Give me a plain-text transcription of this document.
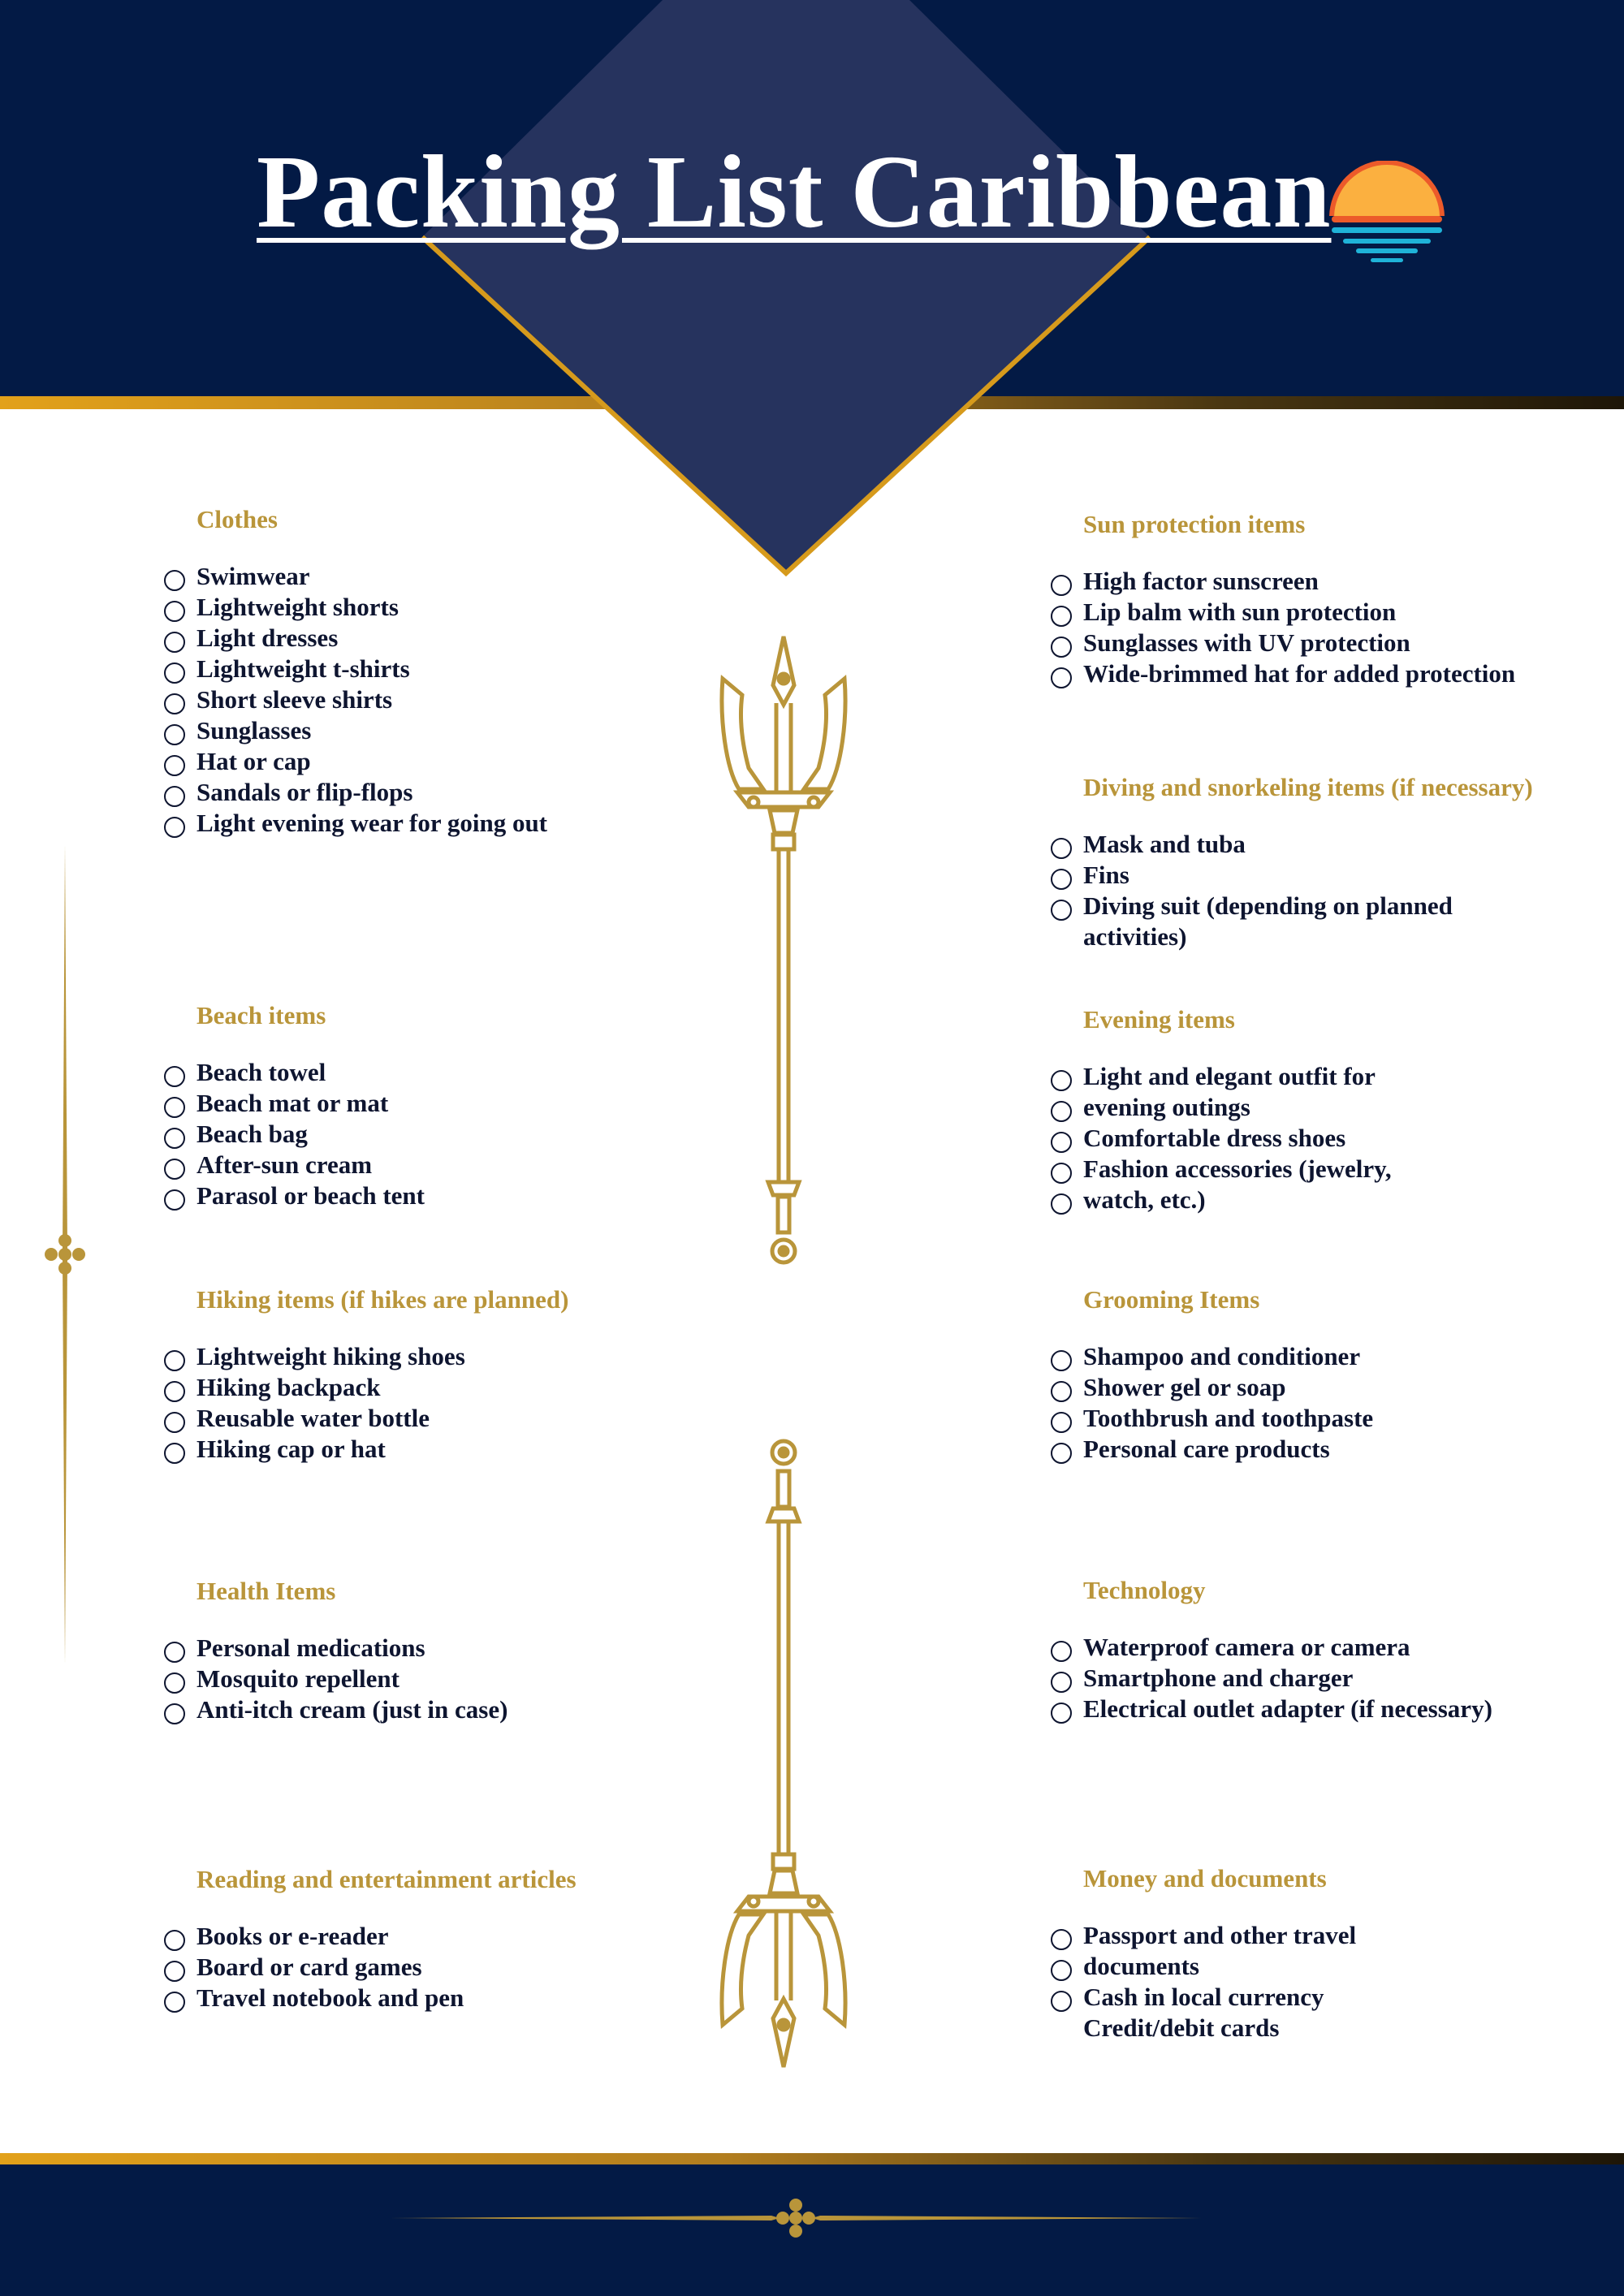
Packing List Caribbean
Clothes
Swimwear
Lightweight shorts
Light dresses
Lightweight t-shirts
Short sleeve shirts
Sunglasses
Hat or cap
Sandals or flip-flops
Light evening wear for going out
Beach items
Beach towel
Beach mat or mat
Beach bag
After-sun cream
Parasol or beach tent
Hiking items (if hikes are planned)
Lightweight hiking shoes
Hiking backpack
Reusable water bottle
Hiking cap or hat
Health Items
Personal medications
Mosquito repellent
Anti-itch cream (just in case)
Reading and entertainment articles
Books or e-reader
Board or card games
Travel notebook and pen
Sun protection items
High factor sunscreen
Lip balm with sun protection
Sunglasses with UV protection
Wide-brimmed hat for added protection
Diving and snorkeling items (if necessary)
Mask and tuba
Fins
Diving suit (depending on planned
activities)
Evening items
Light and elegant outfit for
evening outings
Comfortable dress shoes
Fashion accessories (jewelry,
watch, etc.)
Grooming Items
Shampoo and conditioner
Shower gel or soap
Toothbrush and toothpaste
Personal care products
Technology
Waterproof camera or camera
Smartphone and charger
Electrical outlet adapter (if necessary)
Money and documents
Passport and other travel
documents
Cash in local currency
Credit/debit cards
